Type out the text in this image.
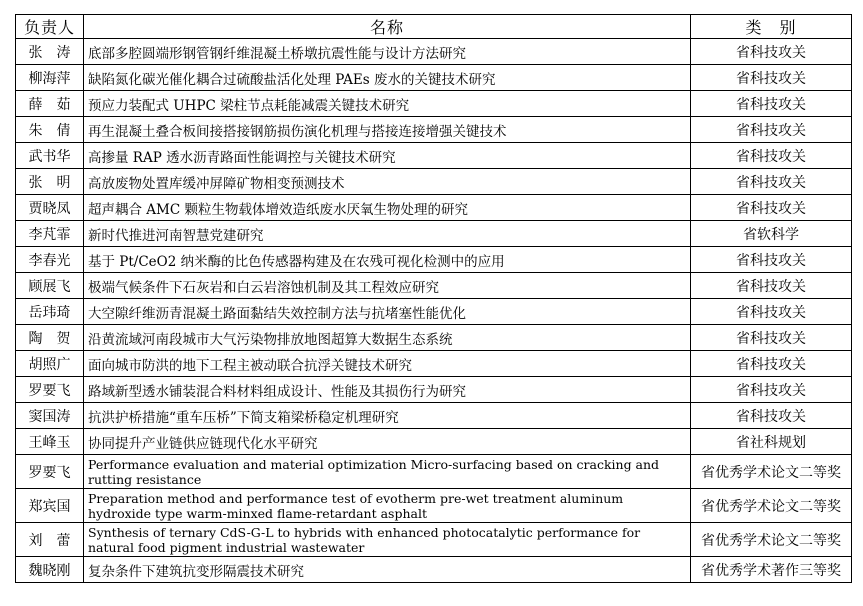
负责人	名称	类　别
张　涛	底部多腔圆端形钢管钢纤维混凝土桥墩抗震性能与设计方法研究	省科技攻关
柳海萍	缺陷氮化碳光催化耦合过硫酸盐活化处理 PAEs 废水的关键技术研究	省科技攻关
薛　茹	预应力装配式 UHPC 梁柱节点耗能减震关键技术研究	省科技攻关
朱　倩	再生混凝土叠合板间接搭接钢筋损伤演化机理与搭接连接增强关键技术	省科技攻关
武书华	高掺量 RAP 透水沥青路面性能调控与关键技术研究	省科技攻关
张　明	高放废物处置库缓冲屏障矿物相变预测技术	省科技攻关
贾晓凤	超声耦合 AMC 颗粒生物载体增效造纸废水厌氧生物处理的研究	省科技攻关
李芃霏	新时代推进河南智慧党建研究	省软科学
李春光	基于 Pt/CeO2 纳米酶的比色传感器构建及在农残可视化检测中的应用	省科技攻关
顾展飞	极端气候条件下石灰岩和白云岩溶蚀机制及其工程效应研究	省科技攻关
岳玮琦	大空隙纤维沥青混凝土路面黏结失效控制方法与抗堵塞性能优化	省科技攻关
陶　贺	沿黄流域河南段城市大气污染物排放地图超算大数据生态系统	省科技攻关
胡照广	面向城市防洪的地下工程主被动联合抗浮关键技术研究	省科技攻关
罗要飞	路域新型透水铺装混合料材料组成设计、性能及其损伤行为研究	省科技攻关
窦国涛	抗洪护桥措施“重车压桥”下简支箱梁桥稳定机理研究	省科技攻关
王峰玉	协同提升产业链供应链现代化水平研究	省社科规划
罗要飞	Performance evaluation and material optimization Micro-surfacing based on cracking and rutting resistance	省优秀学术论文二等奖
郑宾国	Preparation method and performance test of evotherm pre-wet treatment aluminum hydroxide type warm-minxed flame-retardant asphalt	省优秀学术论文二等奖
刘　蕾	Synthesis of ternary CdS-G-L to hybrids with enhanced photocatalytic performance for natural food pigment industrial wastewater	省优秀学术论文二等奖
魏晓刚	复杂条件下建筑抗变形隔震技术研究	省优秀学术著作三等奖
